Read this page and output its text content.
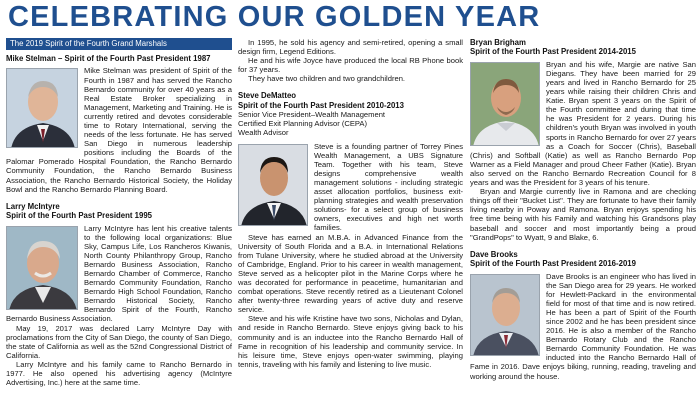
CELEBRATING OUR GOLDEN YEAR
The 2019 Spirit of the Fourth Grand Marshals
Mike Stelman – Spirit of the Fourth Past President 1987

Mike Stelman was president of Spirit of the Fourth in 1987 and has served the Rancho Bernardo community for over 40 years as a Real Estate Broker specializing in Management, Marketing and Training. He is currently retired and devotes considerable time to Rotary International, serving the needs of the less fortunate. He has served San Diego in numerous leadership positions including the Boards of the Palomar Pomerado Hospital Foundation, the Rancho Bernardo Community Foundation, the Rancho Bernardo Business Association, the Rancho Bernardo Historical Society, the Holiday Bowl and the Rancho Bernardo Planning Board.

Larry McIntyre
Spirit of the Fourth Past President 1995

Larry McIntyre has lent his creative talents to the following local organizations: Blue Sky, Campus Life, Los Rancheros Kiwanis, North County Philanthropy Group, Rancho Bernardo Business Association, Rancho Bernardo Chamber of Commerce, Rancho Bernardo Community Foundation, Rancho Bernardo High School Foundation, Rancho Bernardo Historical Society, Rancho Bernardo Spirit of the Fourth, Rancho Bernardo Business Association.

May 19, 2017 was declared Larry McIntyre Day with proclamations from the City of San Diego, the county of San Diego, the state of California as well as the 52nd Congressional District of California.

Larry McIntyre and his family came to Rancho Bernardo in 1977. He also opened his advertising agency (McIntyre Advertising, Inc.) here at the same time.

In 1995, he sold his agency and semi-retired, opening a small design firm, Legend Editions.

He and his wife Joyce have produced the local RB Phone book for 37 years.

They have two children and two grandchildren.

Steve DeMatteo
Spirit of the Fourth Past President 2010-2013
Senior Vice President–Wealth Management
Certified Exit Planning Advisor (CEPA)
Wealth Advisor

Steve is a founding partner of Torrey Pines Wealth Management, a UBS Signature Team. Together with his team, Steve designs comprehensive wealth management solutions - including strategic asset allocation portfolios, business exit-planning strategies and wealth preservation solutions- for a select group of business owners, executives and high net worth families.

Steve has earned an M.B.A. in Advanced Finance from the University of South Florida and a B.A. in International Relations from Tulane University, where he studied abroad at the University of Cambridge, England. Prior to his career in wealth management, Steve served as a helicopter pilot in the Marine Corps where he was decorated for performance in peacetime, humanitarian and combat operations. Steve recently retired as a Lieutenant Colonel after twenty-three rewarding years of active duty and reserve service.

Steve and his wife Kristine have two sons, Nicholas and Dylan, and reside in Rancho Bernardo. Steve enjoys giving back to his community and is an inductee into the Rancho Bernardo Hall of Fame in recognition of his leadership and community service. In his leisure time, Steve enjoys open-water swimming, playing tennis, traveling with his family and listening to live music.

Bryan Brigham
Spirit of the Fourth Past President 2014-2015

Bryan and his wife, Margie are native San Diegans. They have been married for 29 years and lived in Rancho Bernardo for 25 years while raising their children Chris and Katie. Bryan spent 3 years on the Spirit of the Fourth committee and during that time he was President for 2 years. During his children's youth Bryan was involved in youth sports in Rancho Bernardo for over 27 years as a Coach for Soccer (Chris), Baseball (Chris) and Softball (Katie) as well as Rancho Bernardo Pop Warner as a Field Manager and proud Cheer Father (Katie). Bryan also served on the Rancho Bernardo Recreation Council for 8 years and was the President for 3 years of his tenure.

Bryan and Margie currently live in Ramona and are checking things off their "Bucket List". They are fortunate to have their family living nearby in Poway and Ramona. Bryan enjoys spending his free time being with his Family and watching his Grandsons play baseball and soccer and most importantly being a proud "GrandPops" to Wyatt, 9 and Blake, 6.

Dave Brooks
Spirit of the Fourth Past President 2016-2019

Dave Brooks is an engineer who has lived in the San Diego area for 29 years. He worked for Hewlett-Packard in the environmental field for most of that time and is now retired. He has been a part of Spirit of the Fourth since 2002 and he has been president since 2016. He is also a member of the Rancho Bernardo Rotary Club and the Rancho Bernardo Community Foundation. He was inducted into the Rancho Bernardo Hall of Fame in 2016. Dave enjoys biking, running, reading, traveling and working around the house.
